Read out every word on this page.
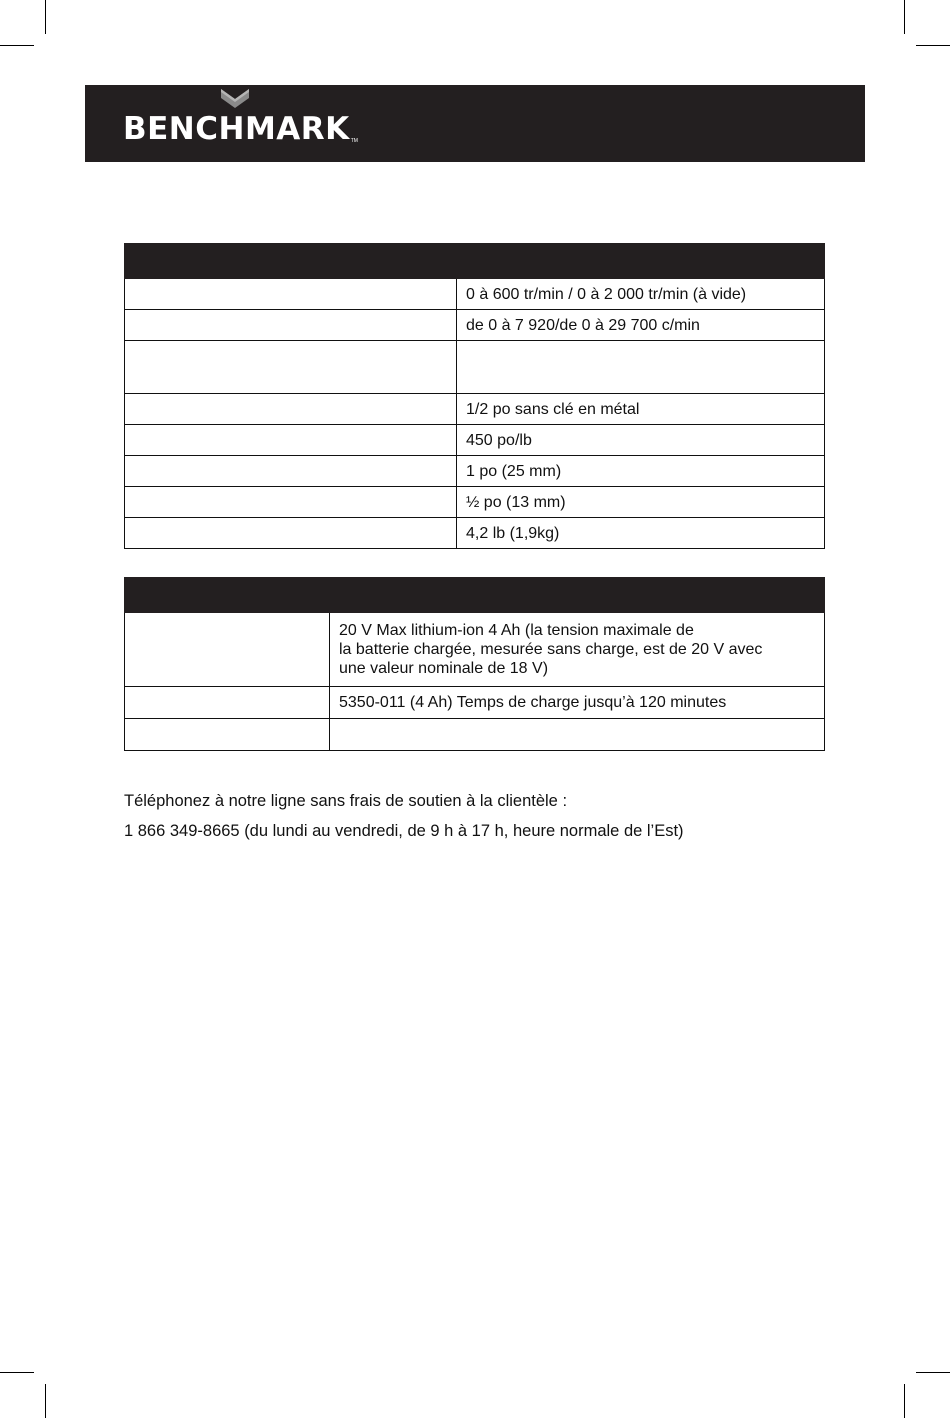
BENCHMARK TM

	0 à 600 tr/min / 0 à 2 000 tr/min (à vide)
	de 0 à 7 920/de 0 à 29 700 c/min

	1/2 po sans clé en métal
	450 po/lb
	1 po (25 mm)
	½ po (13 mm)
	4,2 lb (1,9kg)

	20 V Max lithium-ion 4 Ah (la tension maximale de
la batterie chargée, mesurée sans charge, est de 20 V avec
une valeur nominale de 18 V)

	5350-011 (4 Ah) Temps de charge jusqu’à 120 minutes

Téléphonez à notre ligne sans frais de soutien à la clientèle :
1 866 349-8665 (du lundi au vendredi, de 9 h à 17 h, heure normale de l’Est)
